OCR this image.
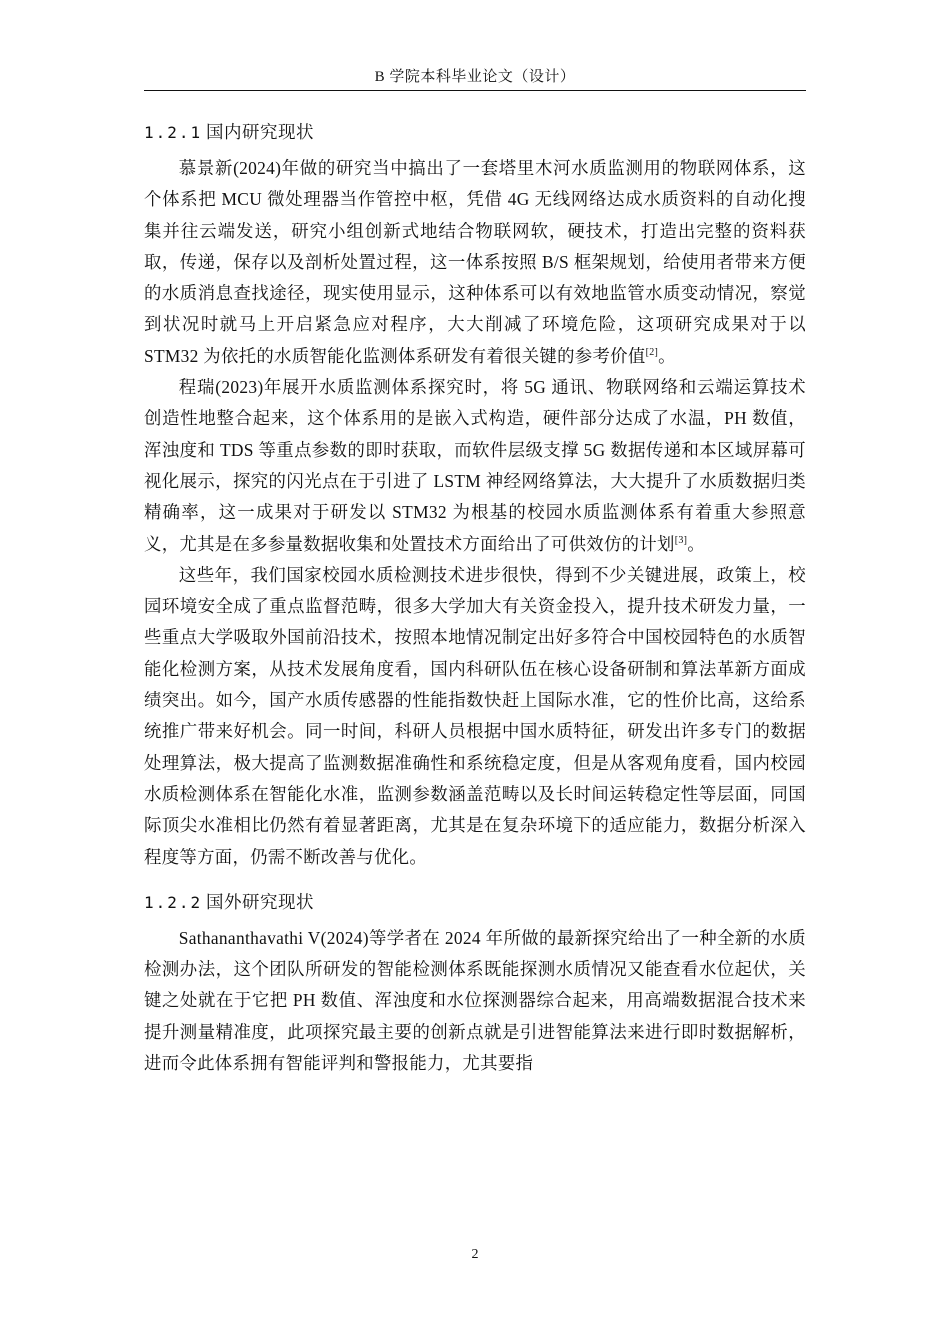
B 学院本科毕业论文（设计）
1.2.1 国内研究现状

慕景新(2024)年做的研究当中搞出了一套塔里木河水质监测用的物联网体系，这个体系把 MCU 微处理器当作管控中枢，凭借 4G 无线网络达成水质资料的自动化搜集并往云端发送，研究小组创新式地结合物联网软，硬技术，打造出完整的资料获取，传递，保存以及剖析处置过程，这一体系按照 B/S 框架规划，给使用者带来方便的水质消息查找途径，现实使用显示，这种体系可以有效地监管水质变动情况，察觉到状况时就马上开启紧急应对程序，大大削减了环境危险，这项研究成果对于以 STM32 为依托的水质智能化监测体系研发有着很关键的参考价值[2]。

程瑞(2023)年展开水质监测体系探究时，将 5G 通讯、物联网络和云端运算技术创造性地整合起来，这个体系用的是嵌入式构造，硬件部分达成了水温，PH 数值，浑浊度和 TDS 等重点参数的即时获取，而软件层级支撑 5G 数据传递和本区域屏幕可视化展示，探究的闪光点在于引进了 LSTM 神经网络算法，大大提升了水质数据归类精确率，这一成果对于研发以 STM32 为根基的校园水质监测体系有着重大参照意义，尤其是在多参量数据收集和处置技术方面给出了可供效仿的计划[3]。

这些年，我们国家校园水质检测技术进步很快，得到不少关键进展，政策上，校园环境安全成了重点监督范畴，很多大学加大有关资金投入，提升技术研发力量，一些重点大学吸取外国前沿技术，按照本地情况制定出好多符合中国校园特色的水质智能化检测方案，从技术发展角度看，国内科研队伍在核心设备研制和算法革新方面成绩突出。如今，国产水质传感器的性能指数快赶上国际水准，它的性价比高，这给系统推广带来好机会。同一时间，科研人员根据中国水质特征，研发出许多专门的数据处理算法，极大提高了监测数据准确性和系统稳定度，但是从客观角度看，国内校园水质检测体系在智能化水准，监测参数涵盖范畴以及长时间运转稳定性等层面，同国际顶尖水准相比仍然有着显著距离，尤其是在复杂环境下的适应能力，数据分析深入程度等方面，仍需不断改善与优化。

1.2.2 国外研究现状

Sathananthavathi V(2024)等学者在 2024 年所做的最新探究给出了一种全新的水质检测办法，这个团队所研发的智能检测体系既能探测水质情况又能查看水位起伏，关键之处就在于它把 PH 数值、浑浊度和水位探测器综合起来，用高端数据混合技术来提升测量精准度，此项探究最主要的创新点就是引进智能算法来进行即时数据解析，进而令此体系拥有智能评判和警报能力，尤其要指

2
